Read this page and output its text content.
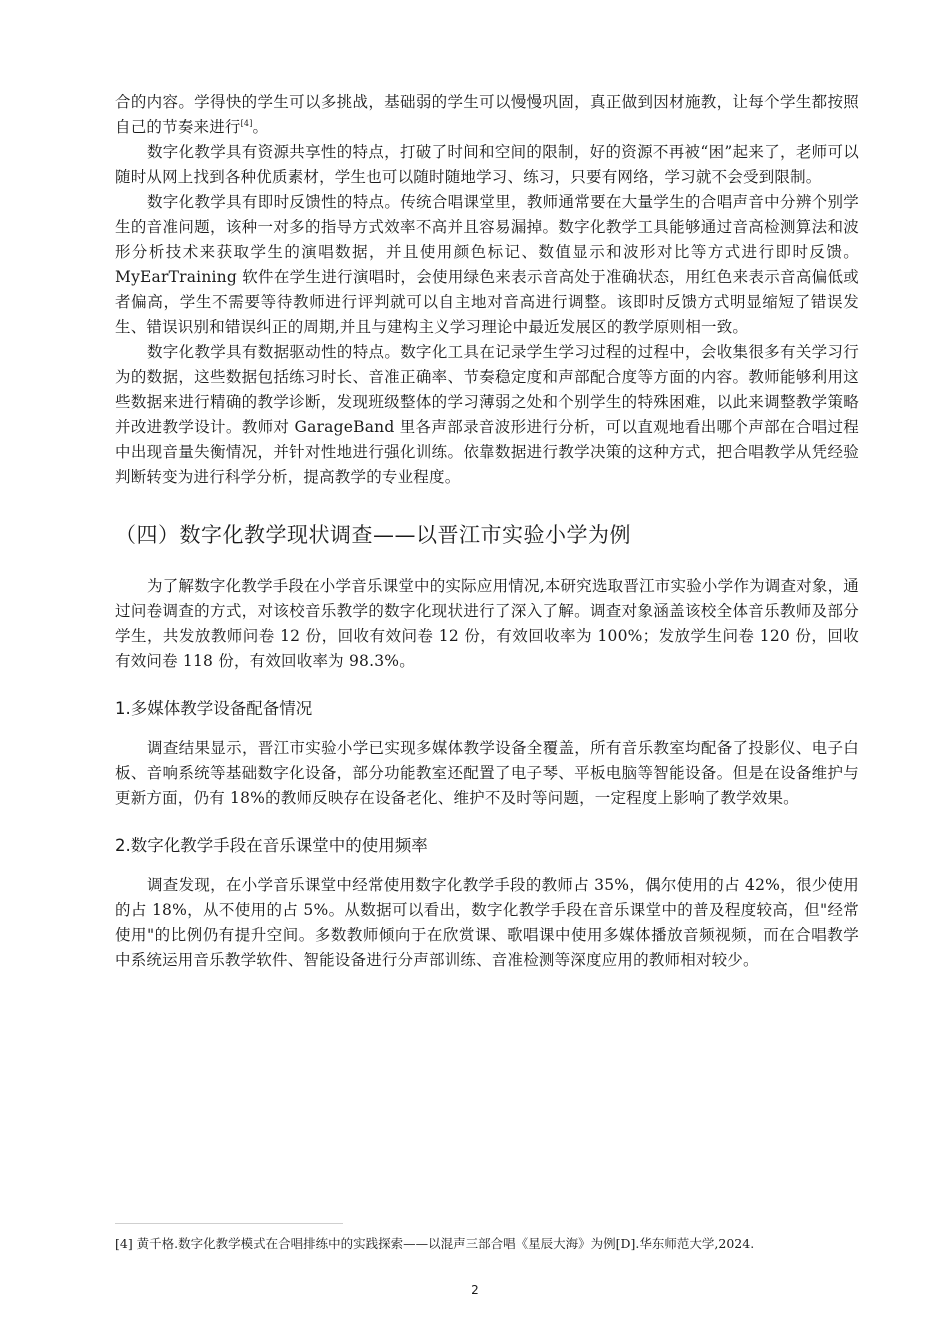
合的内容。学得快的学生可以多挑战，基础弱的学生可以慢慢巩固，真正做到因材施教，让每个学生都按照自己的节奏来进行[4]。

数字化教学具有资源共享性的特点，打破了时间和空间的限制，好的资源不再被“困”起来了，老师可以随时从网上找到各种优质素材，学生也可以随时随地学习、练习，只要有网络，学习就不会受到限制。

数字化教学具有即时反馈性的特点。传统合唱课堂里，教师通常要在大量学生的合唱声音中分辨个别学生的音准问题，该种一对多的指导方式效率不高并且容易漏掉。数字化教学工具能够通过音高检测算法和波形分析技术来获取学生的演唱数据，并且使用颜色标记、数值显示和波形对比等方式进行即时反馈。MyEarTraining 软件在学生进行演唱时，会使用绿色来表示音高处于准确状态，用红色来表示音高偏低或者偏高，学生不需要等待教师进行评判就可以自主地对音高进行调整。该即时反馈方式明显缩短了错误发生、错误识别和错误纠正的周期,并且与建构主义学习理论中最近发展区的教学原则相一致。

数字化教学具有数据驱动性的特点。数字化工具在记录学生学习过程的过程中，会收集很多有关学习行为的数据，这些数据包括练习时长、音准正确率、节奏稳定度和声部配合度等方面的内容。教师能够利用这些数据来进行精确的教学诊断，发现班级整体的学习薄弱之处和个别学生的特殊困难，以此来调整教学策略并改进教学设计。教师对 GarageBand 里各声部录音波形进行分析，可以直观地看出哪个声部在合唱过程中出现音量失衡情况，并针对性地进行强化训练。依靠数据进行教学决策的这种方式，把合唱教学从凭经验判断转变为进行科学分析，提高教学的专业程度。

（四）数字化教学现状调查——以晋江市实验小学为例

为了解数字化教学手段在小学音乐课堂中的实际应用情况,本研究选取晋江市实验小学作为调查对象，通过问卷调查的方式，对该校音乐教学的数字化现状进行了深入了解。调查对象涵盖该校全体音乐教师及部分学生，共发放教师问卷 12 份，回收有效问卷 12 份，有效回收率为 100%；发放学生问卷 120 份，回收有效问卷 118 份，有效回收率为 98.3%。

1.多媒体教学设备配备情况

调查结果显示，晋江市实验小学已实现多媒体教学设备全覆盖，所有音乐教室均配备了投影仪、电子白板、音响系统等基础数字化设备，部分功能教室还配置了电子琴、平板电脑等智能设备。但是在设备维护与更新方面，仍有 18%的教师反映存在设备老化、维护不及时等问题，一定程度上影响了教学效果。

2.数字化教学手段在音乐课堂中的使用频率

调查发现，在小学音乐课堂中经常使用数字化教学手段的教师占 35%，偶尔使用的占 42%，很少使用的占 18%，从不使用的占 5%。从数据可以看出，数字化教学手段在音乐课堂中的普及程度较高，但"经常使用"的比例仍有提升空间。多数教师倾向于在欣赏课、歌唱课中使用多媒体播放音频视频，而在合唱教学中系统运用音乐教学软件、智能设备进行分声部训练、音准检测等深度应用的教师相对较少。

[4] 黄千格.数字化教学模式在合唱排练中的实践探索——以混声三部合唱《星辰大海》为例[D].华东师范大学,2024.
2
